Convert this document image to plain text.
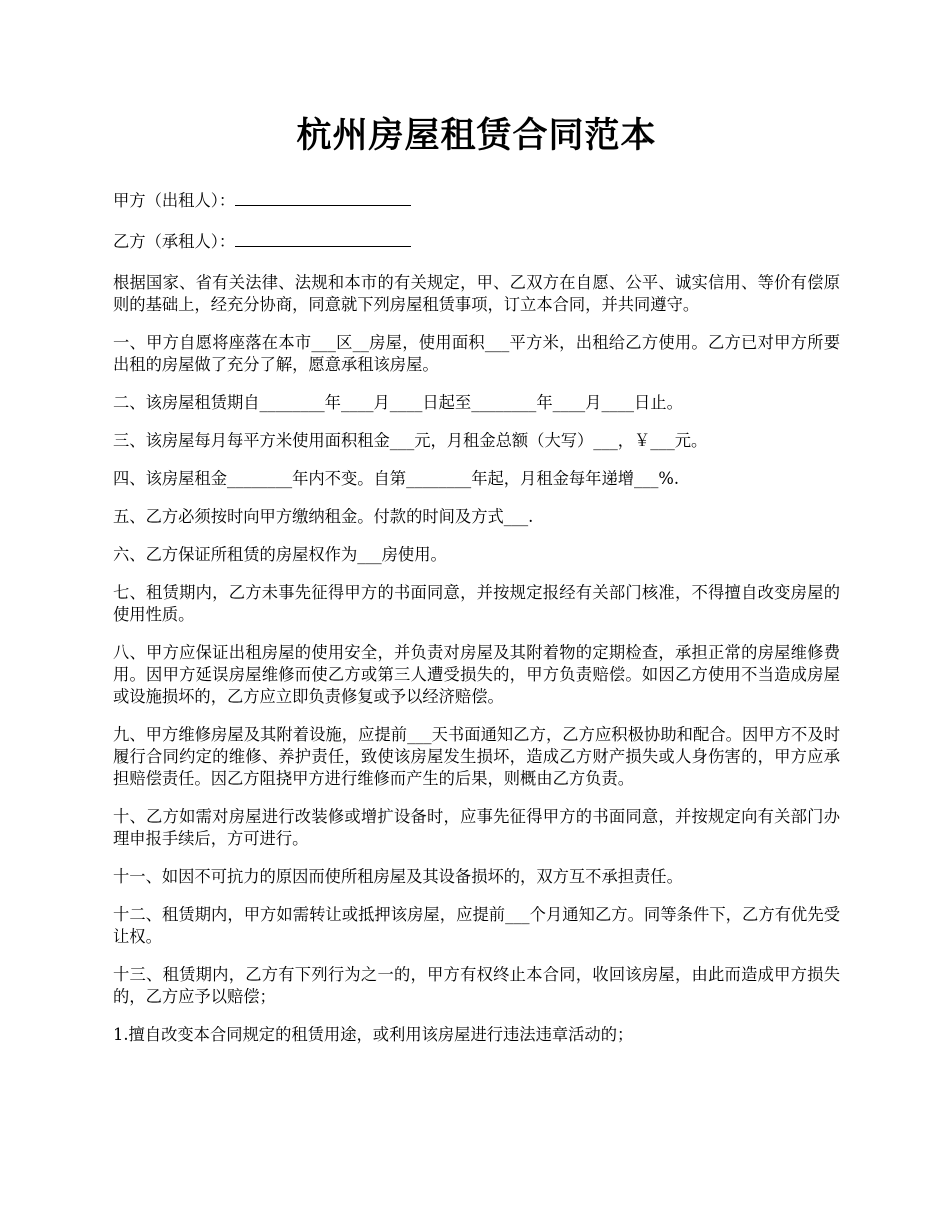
杭州房屋租赁合同范本

甲方（出租人）：

乙方（承租人）：

根据国家、省有关法律、法规和本市的有关规定，甲、乙双方在自愿、公平、诚实信用、等价有偿原则的基础上，经充分协商，同意就下列房屋租赁事项，订立本合同，并共同遵守。

一、甲方自愿将座落在本市___区__房屋，使用面积___平方米，出租给乙方使用。乙方已对甲方所要出租的房屋做了充分了解，愿意承租该房屋。

二、该房屋租赁期自________年____月____日起至________年____月____日止。

三、该房屋每月每平方米使用面积租金___元，月租金总额（大写）___，￥___元。

四、该房屋租金________年内不变。自第________年起，月租金每年递增___%.

五、乙方必须按时向甲方缴纳租金。付款的时间及方式___.

六、乙方保证所租赁的房屋权作为___房使用。

七、租赁期内，乙方未事先征得甲方的书面同意，并按规定报经有关部门核准，不得擅自改变房屋的使用性质。

八、甲方应保证出租房屋的使用安全，并负责对房屋及其附着物的定期检查，承担正常的房屋维修费用。因甲方延误房屋维修而使乙方或第三人遭受损失的，甲方负责赔偿。如因乙方使用不当造成房屋或设施损坏的，乙方应立即负责修复或予以经济赔偿。

九、甲方维修房屋及其附着设施，应提前___天书面通知乙方，乙方应积极协助和配合。因甲方不及时履行合同约定的维修、养护责任，致使该房屋发生损坏，造成乙方财产损失或人身伤害的，甲方应承担赔偿责任。因乙方阻挠甲方进行维修而产生的后果，则概由乙方负责。

十、乙方如需对房屋进行改装修或增扩设备时，应事先征得甲方的书面同意，并按规定向有关部门办理申报手续后，方可进行。

十一、如因不可抗力的原因而使所租房屋及其设备损坏的，双方互不承担责任。

十二、租赁期内，甲方如需转让或抵押该房屋，应提前___个月通知乙方。同等条件下，乙方有优先受让权。

十三、租赁期内，乙方有下列行为之一的，甲方有权终止本合同，收回该房屋，由此而造成甲方损失的，乙方应予以赔偿；

1.擅自改变本合同规定的租赁用途，或利用该房屋进行违法违章活动的；
